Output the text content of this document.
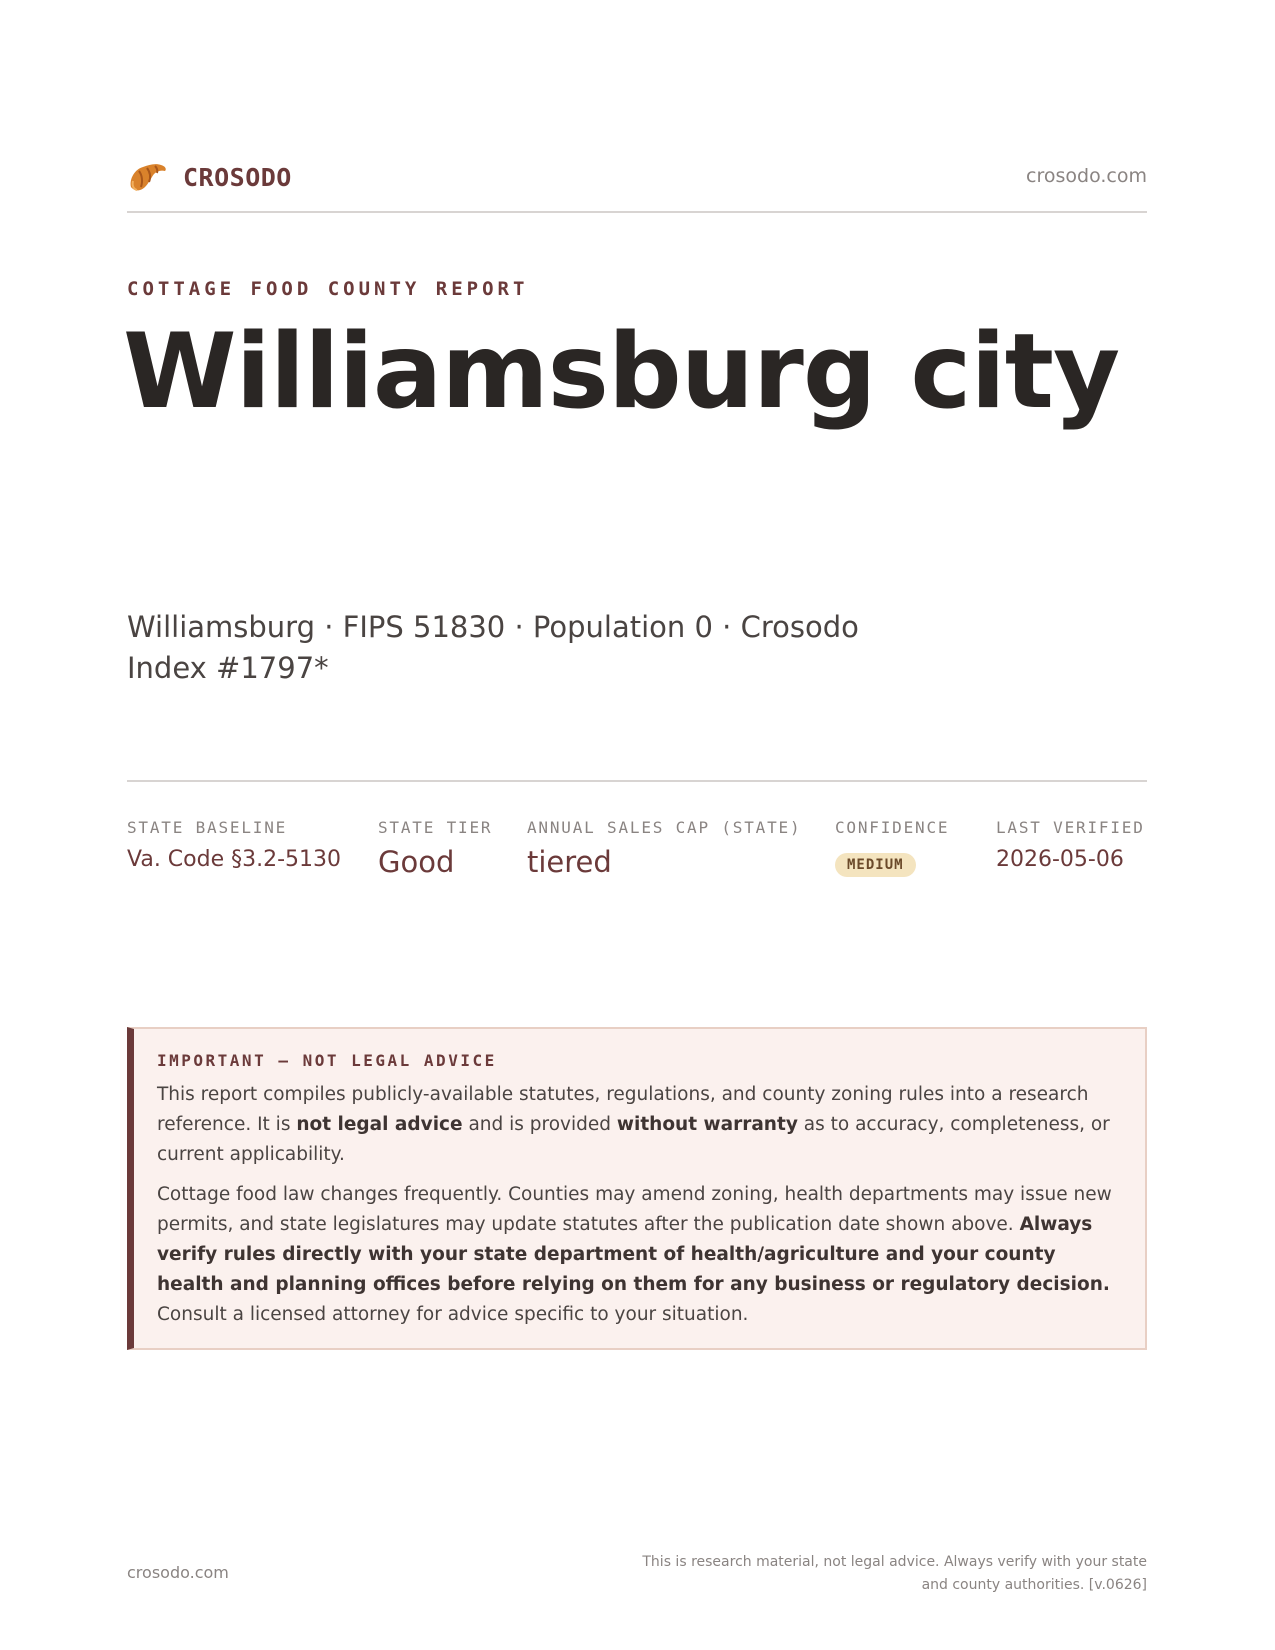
CROSODO	crosodo.com
COTTAGE FOOD COUNTY REPORT
Williamsburg city
Williamsburg · FIPS 51830 · Population 0 · Crosodo Index #1797*
STATE BASELINE
Va. Code §3.2-5130
STATE TIER
Good
ANNUAL SALES CAP (STATE)
tiered
CONFIDENCE
MEDIUM
LAST VERIFIED
2026-05-06
IMPORTANT — NOT LEGAL ADVICE

This report compiles publicly-available statutes, regulations, and county zoning rules into a research reference. It is not legal advice and is provided without warranty as to accuracy, completeness, or current applicability.

Cottage food law changes frequently. Counties may amend zoning, health departments may issue new permits, and state legislatures may update statutes after the publication date shown above. Always verify rules directly with your state department of health/agriculture and your county health and planning offices before relying on them for any business or regulatory decision. Consult a licensed attorney for advice specific to your situation.

crosodo.com
This is research material, not legal advice. Always verify with your state
and county authorities. [v.0626]
